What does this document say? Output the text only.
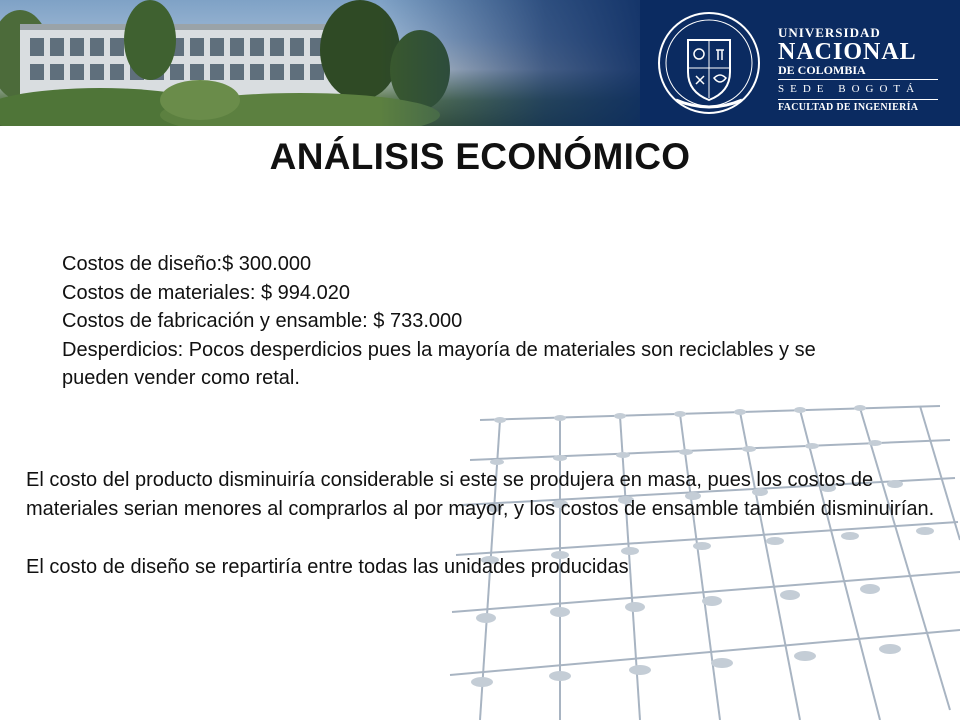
UNIVERSIDAD
NACIONAL
DE COLOMBIA
SEDE BOGOTÁ
FACULTAD DE INGENIERÍA
ANÁLISIS ECONÓMICO
Costos de diseño:$ 300.000
Costos de materiales: $ 994.020
Costos de fabricación y ensamble: $ 733.000
Desperdicios: Pocos desperdicios pues la mayoría de materiales son reciclables y se pueden vender como retal.

El costo del producto disminuiría considerable si este se produjera en masa, pues los costos de materiales serian menores al comprarlos al por mayor, y los costos de ensamble también disminuirían.

El costo de diseño se repartiría entre todas las unidades producidas
